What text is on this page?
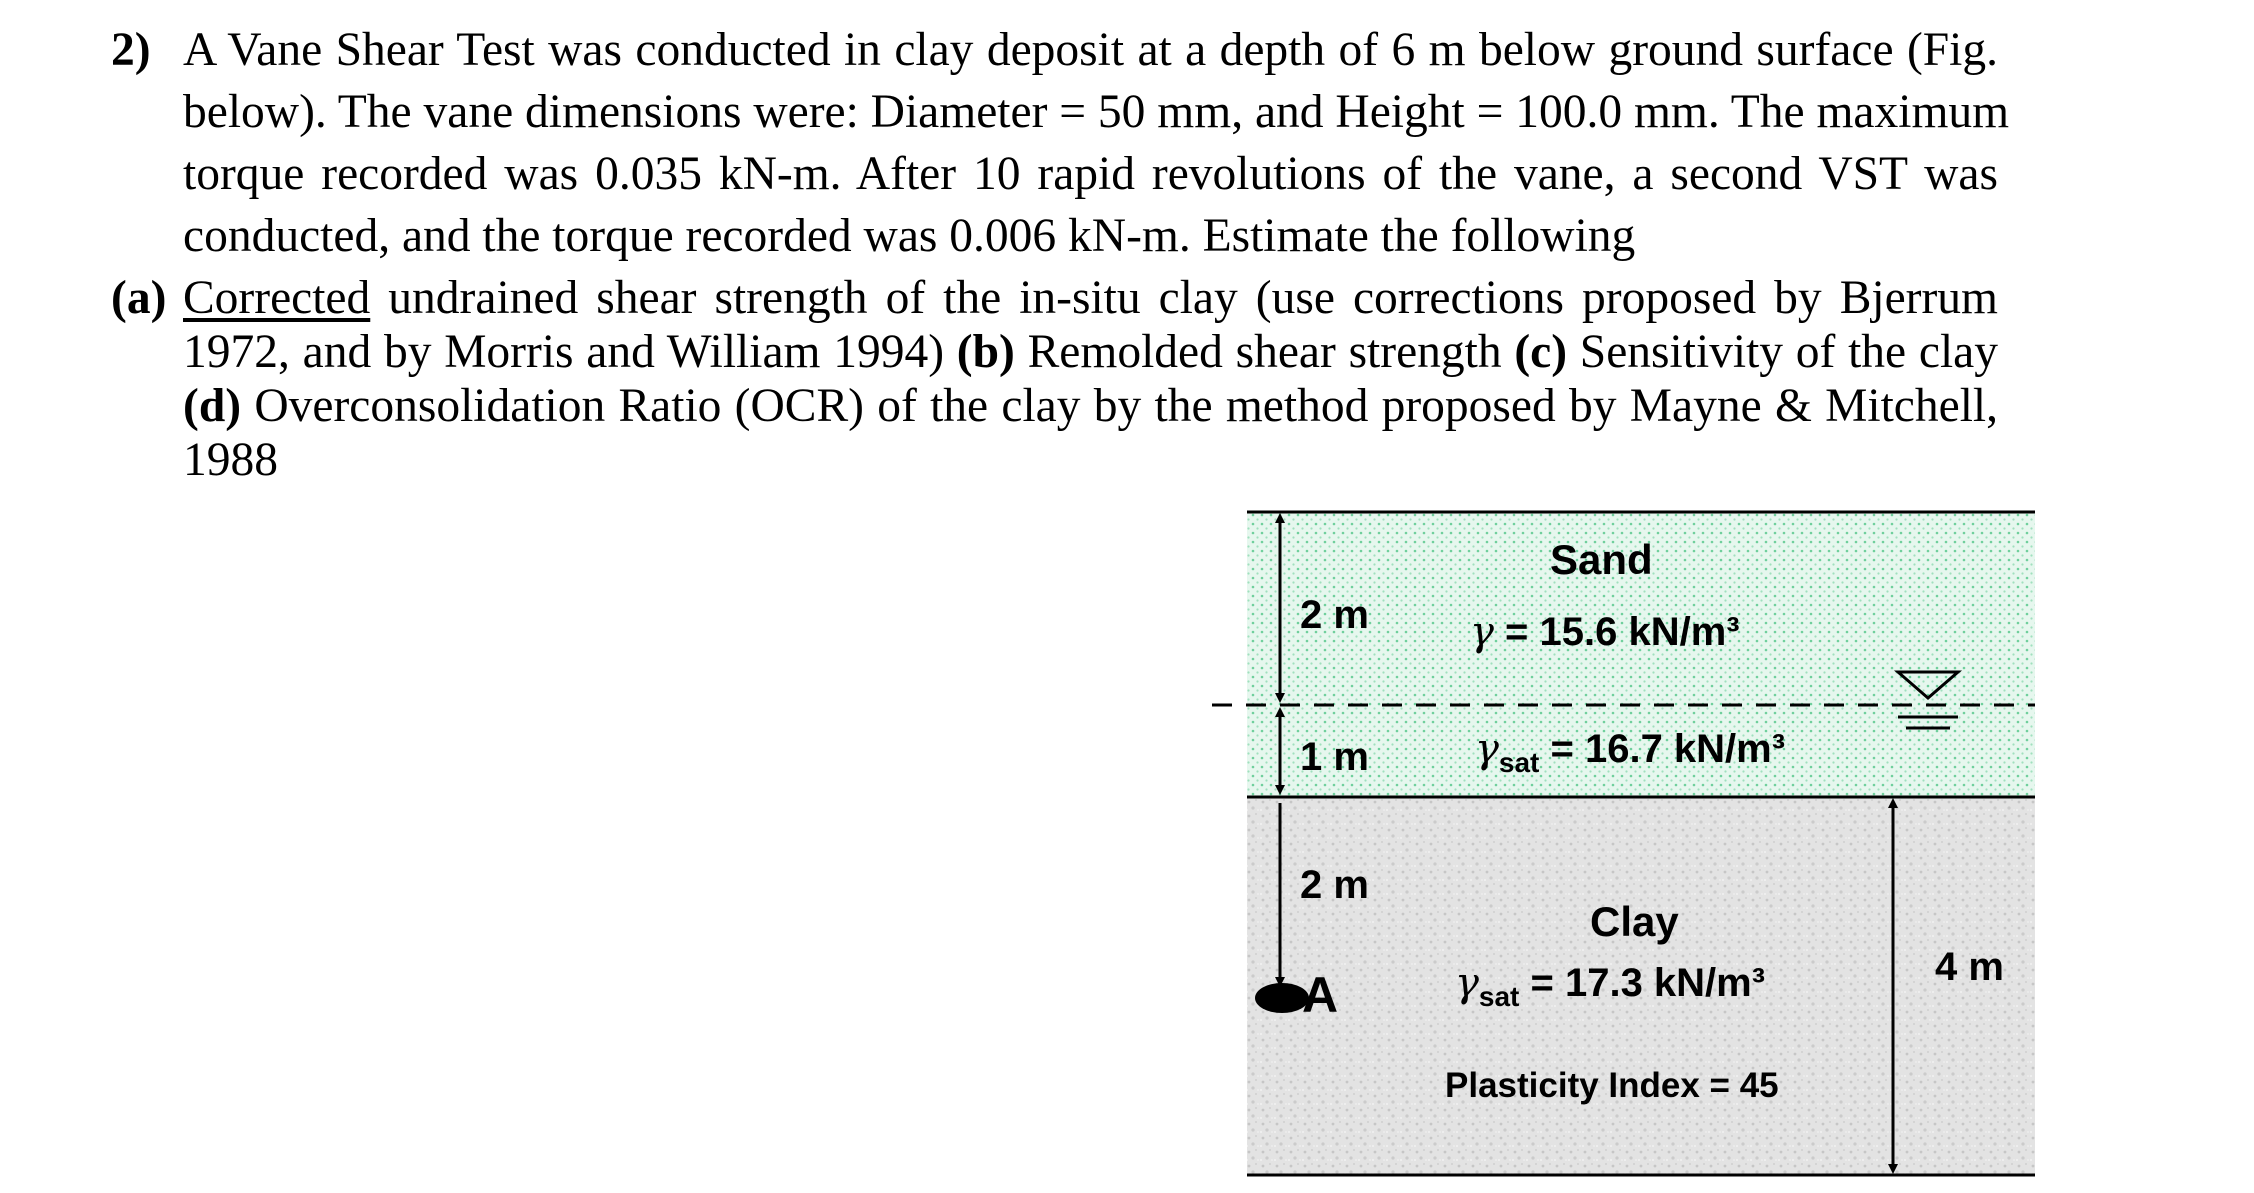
2) A Vane Shear Test was conducted in clay deposit at a depth of 6 m below ground surface (Fig.
below). The vane dimensions were: Diameter = 50 mm, and Height = 100.0 mm. The maximum
torque recorded was 0.035 kN-m. After 10 rapid revolutions of the vane, a second VST was
conducted, and the torque recorded was 0.006 kN-m. Estimate the following
(a) Corrected undrained shear strength of the in-situ clay (use corrections proposed by Bjerrum
1972, and by Morris and William 1994) (b) Remolded shear strength (c) Sensitivity of the clay
(d) Overconsolidation Ratio (OCR) of the clay by the method proposed by Mayne & Mitchell,
1988
2 m
1 m
2 m
A	4 m
Sand
γ = 15.6 kN/m³
$\gamma_{sat} = 16.7$ kN/m³
Clay
$\gamma_{sat} = 17.3$ kN/m³
Plasticity Index = 45
